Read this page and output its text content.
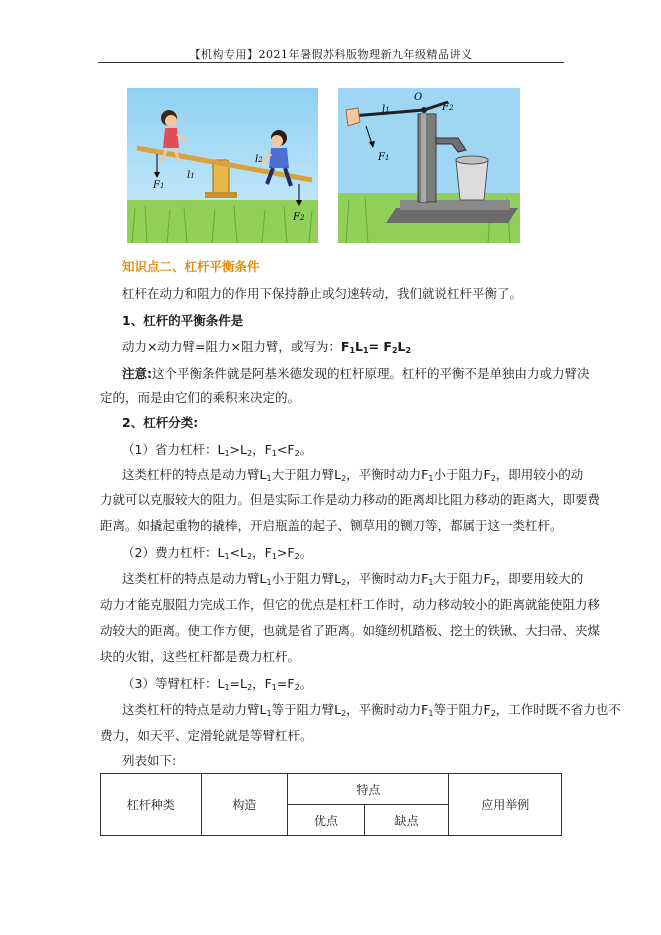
【机构专用】2021年暑假苏科版物理新九年级精品讲义
F1
l1
l2
F2
l1
O
F2
F1
知识点二、杠杆平衡条件
杠杆在动力和阻力的作用下保持静止或匀速转动，我们就说杠杆平衡了。
1、杠杆的平衡条件是
动力×动力臂=阻力×阻力臂，或写为：$F_1L_1= F_2L_2$
注意:这个平衡条件就是阿基米德发现的杠杆原理。杠杆的平衡不是单独由力或力臂决
定的，而是由它们的乘积来决定的。
2、杠杆分类:
（1）省力杠杆：$L_1>L_2$，$F_1<F_2$。
这类杠杆的特点是动力臂$L_1$大于阻力臂$L_2$，平衡时动力$F_1$小于阻力$F_2$，即用较小的动
力就可以克服较大的阻力。但是实际工作是动力移动的距离却比阻力移动的距离大，即要费
距离。如撬起重物的撬棒，开启瓶盖的起子、铡草用的铡刀等，都属于这一类杠杆。
（2）费力杠杆：$L_1<L_2$，$F_1>F_2$。
这类杠杆的特点是动力臂$L_1$小于阻力臂$L_2$，平衡时动力$F_1$大于阻力$F_2$，即要用较大的
动力才能克服阻力完成工作，但它的优点是杠杆工作时，动力移动较小的距离就能使阻力移
动较大的距离。使工作方便，也就是省了距离。如缝纫机踏板、挖土的铁锹、大扫帚、夹煤
块的火钳，这些杠杆都是费力杠杆。
（3）等臂杠杆：$L_1=L_2$，$F_1=F_2$。
这类杠杆的特点是动力臂$L_1$等于阻力臂$L_2$，平衡时动力$F_1$等于阻力$F_2$，工作时既不省力也不
费力，如天平、定滑轮就是等臂杠杆。
列表如下:
杠杆种类	构造	特点		应用举例
		优点	缺点	
